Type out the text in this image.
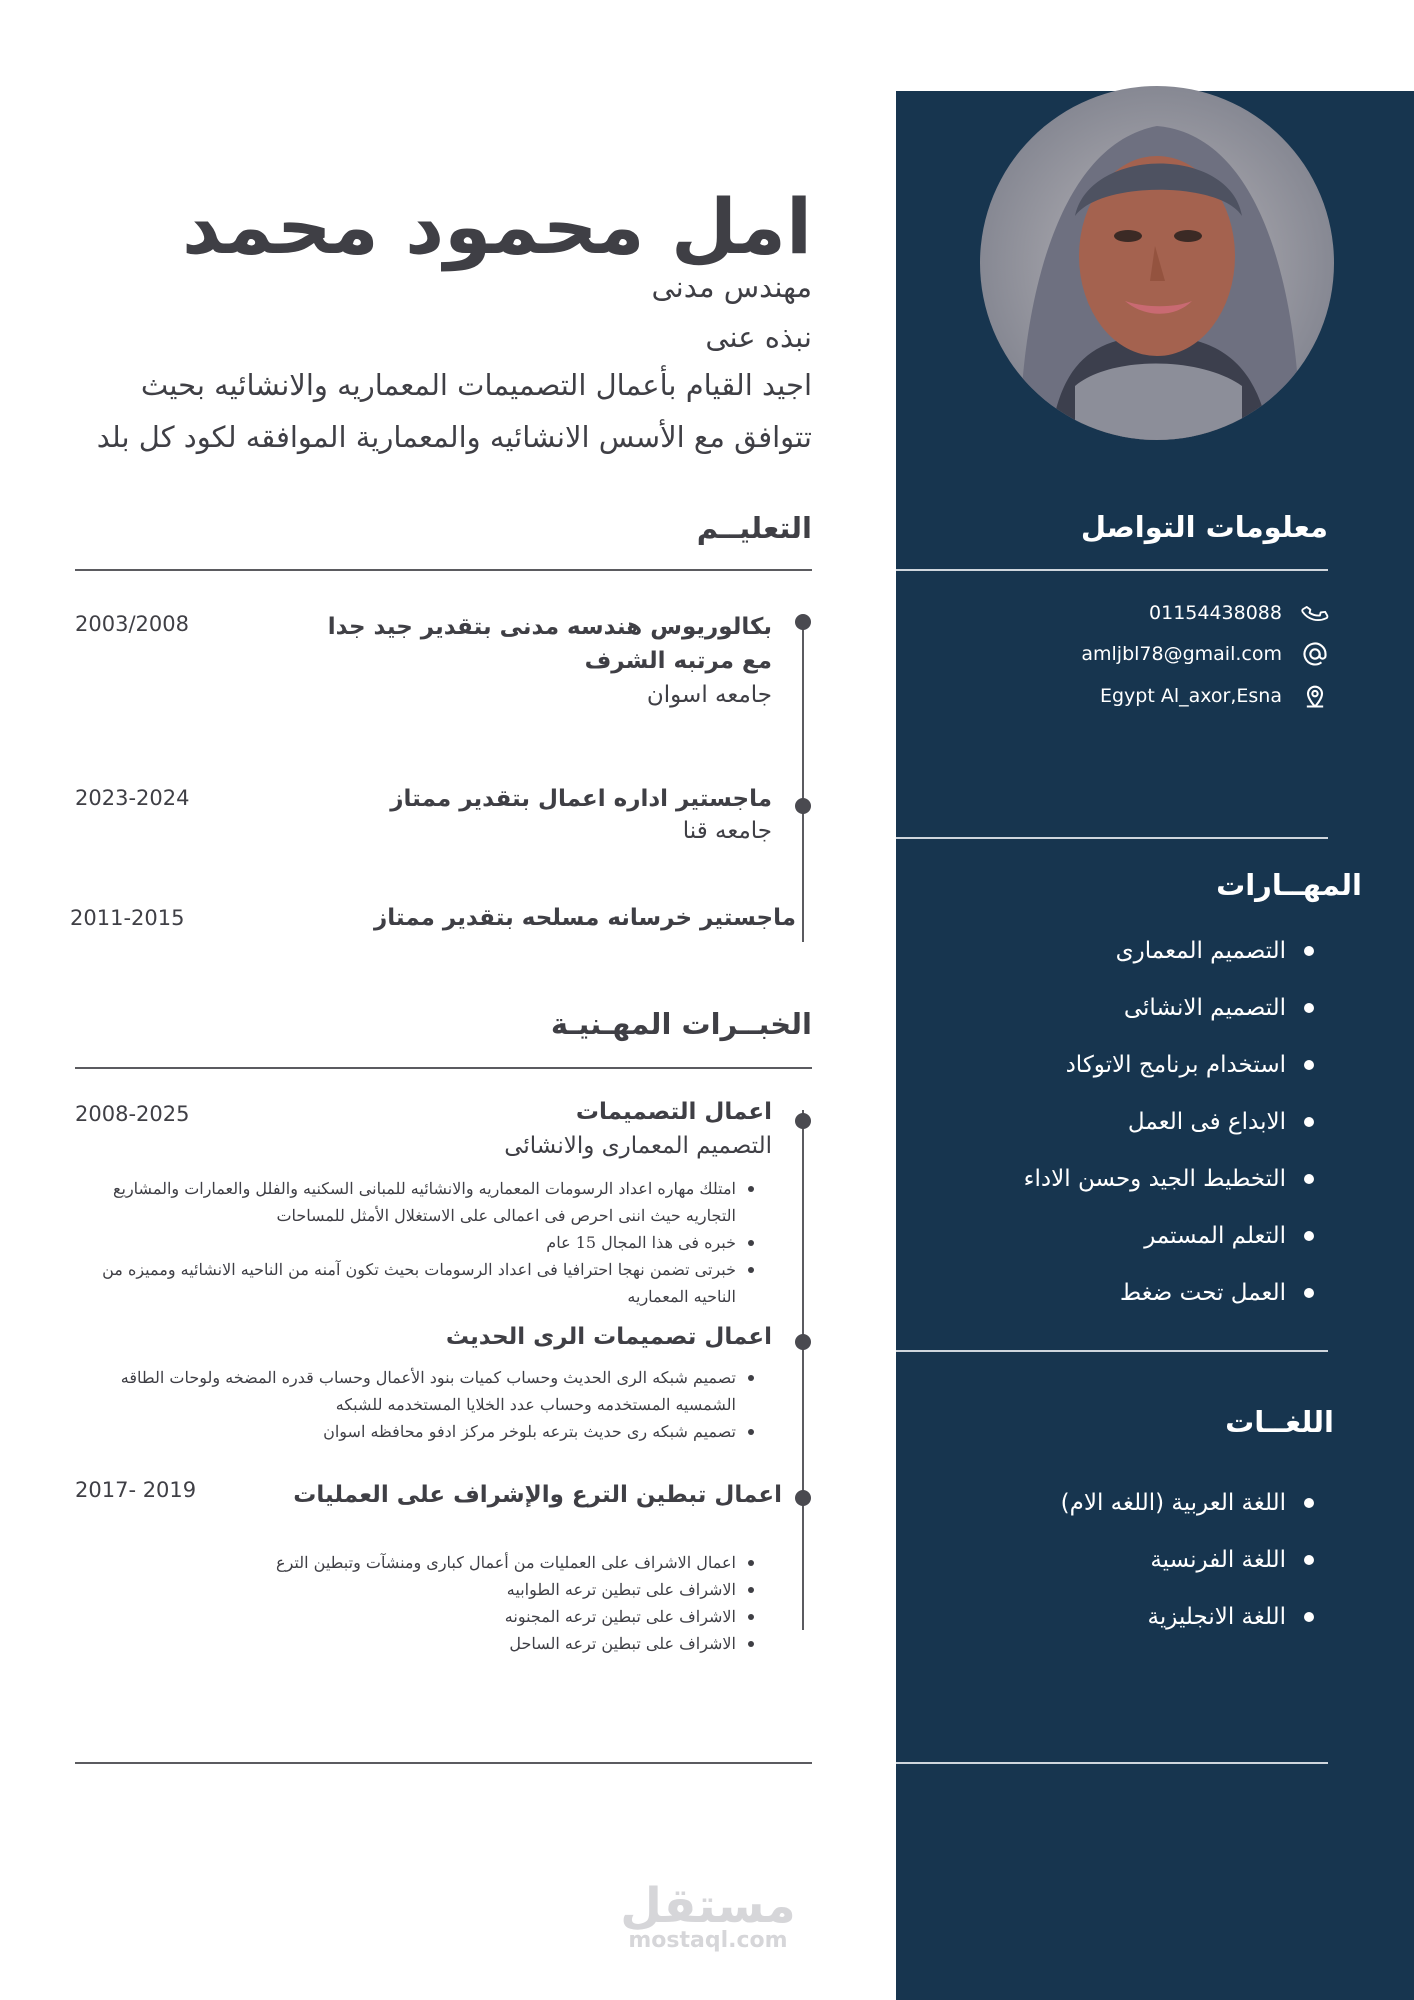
معلومات التواصل
01154438088
amljbl78@gmail.com
Egypt Al_axor,Esna
المهــارات
التصميم المعمارى
التصميم الانشائى
استخدام برنامج الاتوكاد
الابداع فى العمل
التخطيط الجيد وحسن الاداء
التعلم المستمر
العمل تحت ضغط
اللغــات
اللغة العربية (اللغه الام)
اللغة الفرنسية
اللغة الانجليزية
امل محمود محمد
مهندس مدنى
نبذه عنى
اجيد القيام بأعمال التصميمات المعماريه والانشائيه بحيث
تتوافق مع الأسس الانشائيه والمعمارية الموافقه لكود كل بلد
التعليــم
بكالوريوس هندسه مدنى بتقدير جيد جدا مع مرتبه الشرف
جامعه اسوان
2003/2008
ماجستير اداره اعمال بتقدير ممتاز
جامعه قنا
2023-2024
ماجستير خرسانه مسلحه بتقدير ممتاز
2011-2015
الخبــرات المهـنيـة
اعمال التصميمات
التصميم المعمارى والانشائى
2008-2025
امتلك مهاره اعداد الرسومات المعماريه والانشائيه للمبانى السكنيه والفلل والعمارات والمشاريع التجاريه حيث اننى احرص فى اعمالى على الاستغلال الأمثل للمساحات
خبره فى هذا المجال 15 عام
خبرتى تضمن نهجا احترافيا فى اعداد الرسومات بحيث تكون آمنه من الناحيه الانشائيه ومميزه من الناحيه المعماريه
اعمال تصميمات الرى الحديث
تصميم شبكه الرى الحديث وحساب كميات بنود الأعمال وحساب قدره المضخه ولوحات الطاقه الشمسيه المستخدمه وحساب عدد الخلايا المستخدمه للشبكه
تصميم شبكه رى حديث بترعه بلوخر مركز ادفو محافظه اسوان
اعمال تبطين الترع والإشراف على العمليات
2017- 2019
اعمال الاشراف على العمليات من أعمال كبارى ومنشآت وتبطين الترع
الاشراف على تبطين ترعه الطوابيه
الاشراف على تبطين ترعه المجنونه
الاشراف على تبطين ترعه الساحل
مستقل
mostaql.com
